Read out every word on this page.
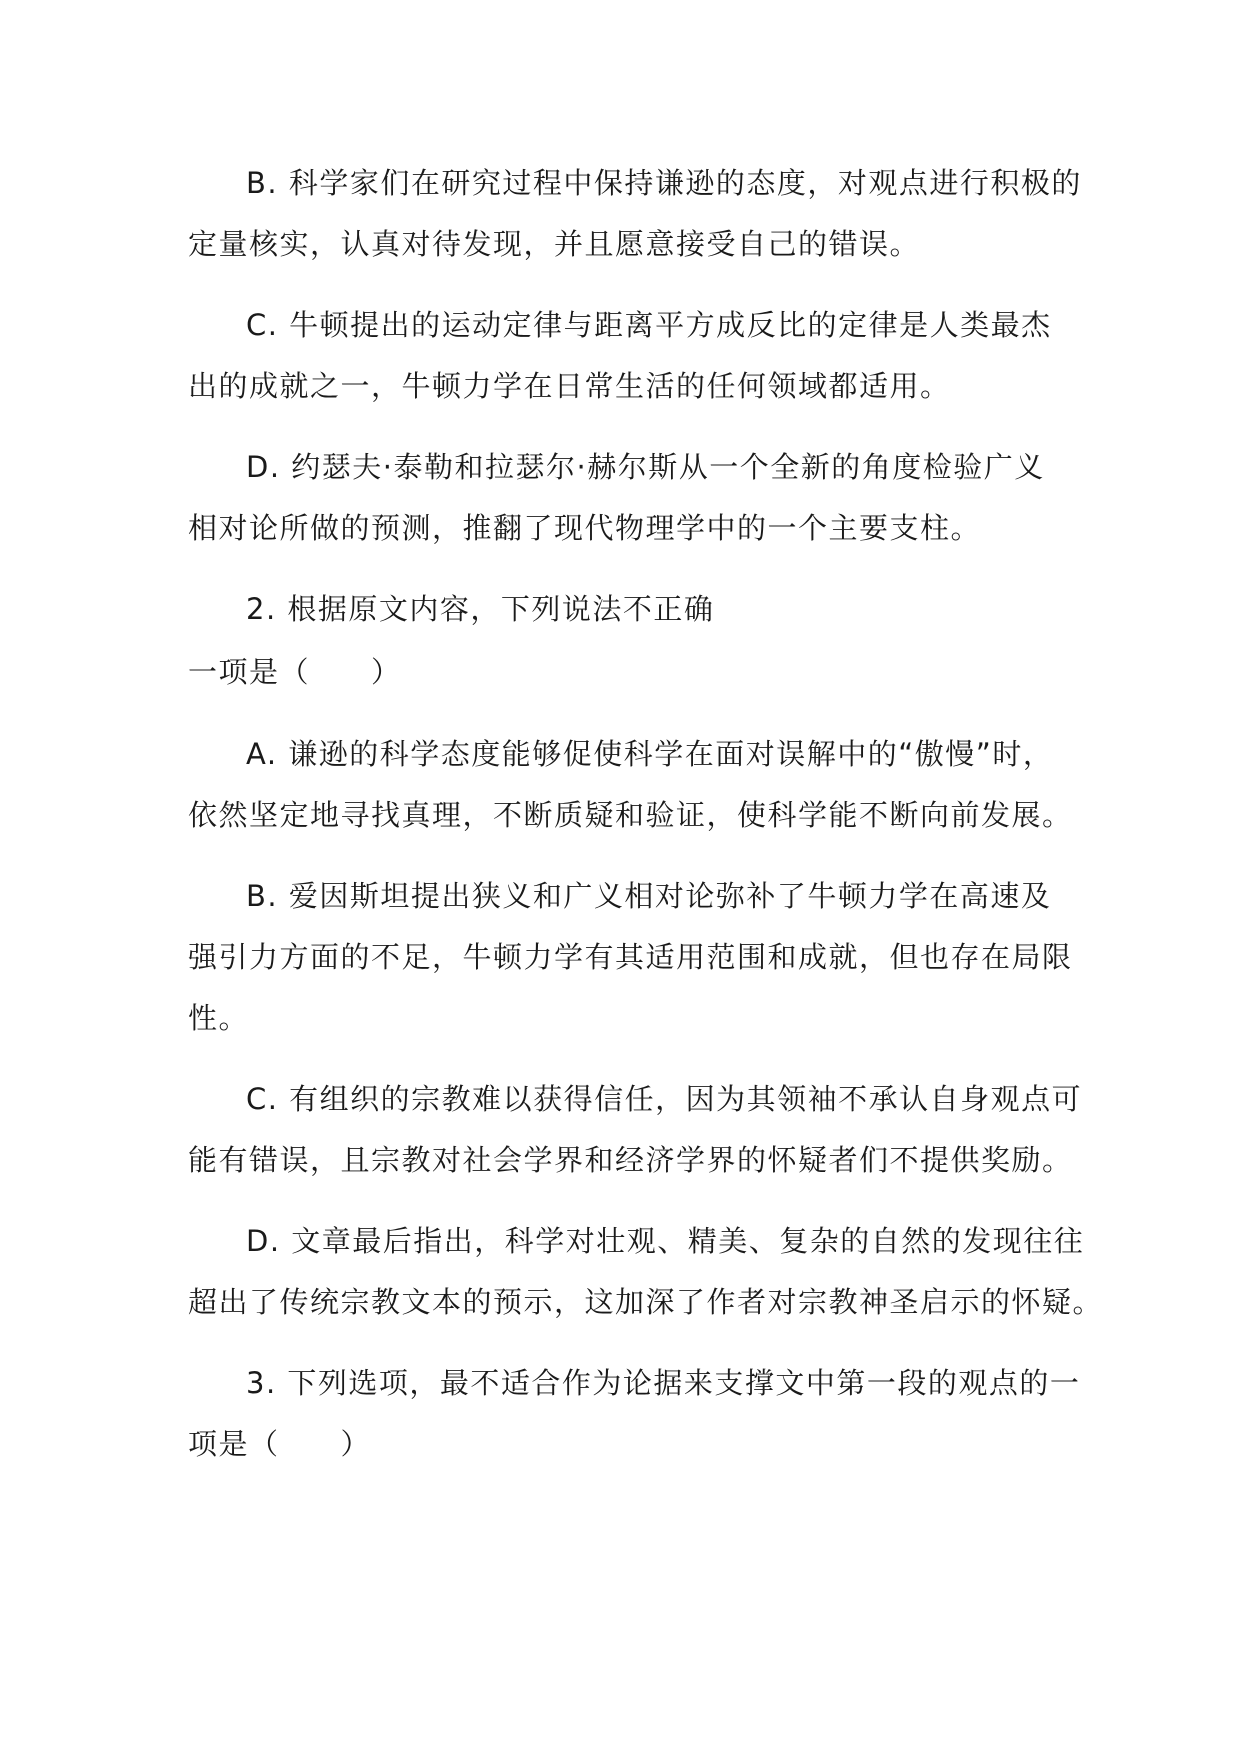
B. 科学家们在研究过程中保持谦逊的态度，对观点进行积极的
定量核实，认真对待发现，并且愿意接受自己的错误。
C. 牛顿提出的运动定律与距离平方成反比的定律是人类最杰
出的成就之一，牛顿力学在日常生活的任何领域都适用。
D. 约瑟夫·泰勒和拉瑟尔·赫尔斯从一个全新的角度检验广义
相对论所做的预测，推翻了现代物理学中的一个主要支柱。
2. 根据原文内容，下列说法不正确
一项是（　　）
A. 谦逊的科学态度能够促使科学在面对误解中的“傲慢”时，
依然坚定地寻找真理，不断质疑和验证，使科学能不断向前发展。
B. 爱因斯坦提出狭义和广义相对论弥补了牛顿力学在高速及
强引力方面的不足，牛顿力学有其适用范围和成就，但也存在局限
性。
C. 有组织的宗教难以获得信任，因为其领袖不承认自身观点可
能有错误，且宗教对社会学界和经济学界的怀疑者们不提供奖励。
D. 文章最后指出，科学对壮观、精美、复杂的自然的发现往往
超出了传统宗教文本的预示，这加深了作者对宗教神圣启示的怀疑。
3. 下列选项，最不适合作为论据来支撑文中第一段的观点的一
项是（　　）
